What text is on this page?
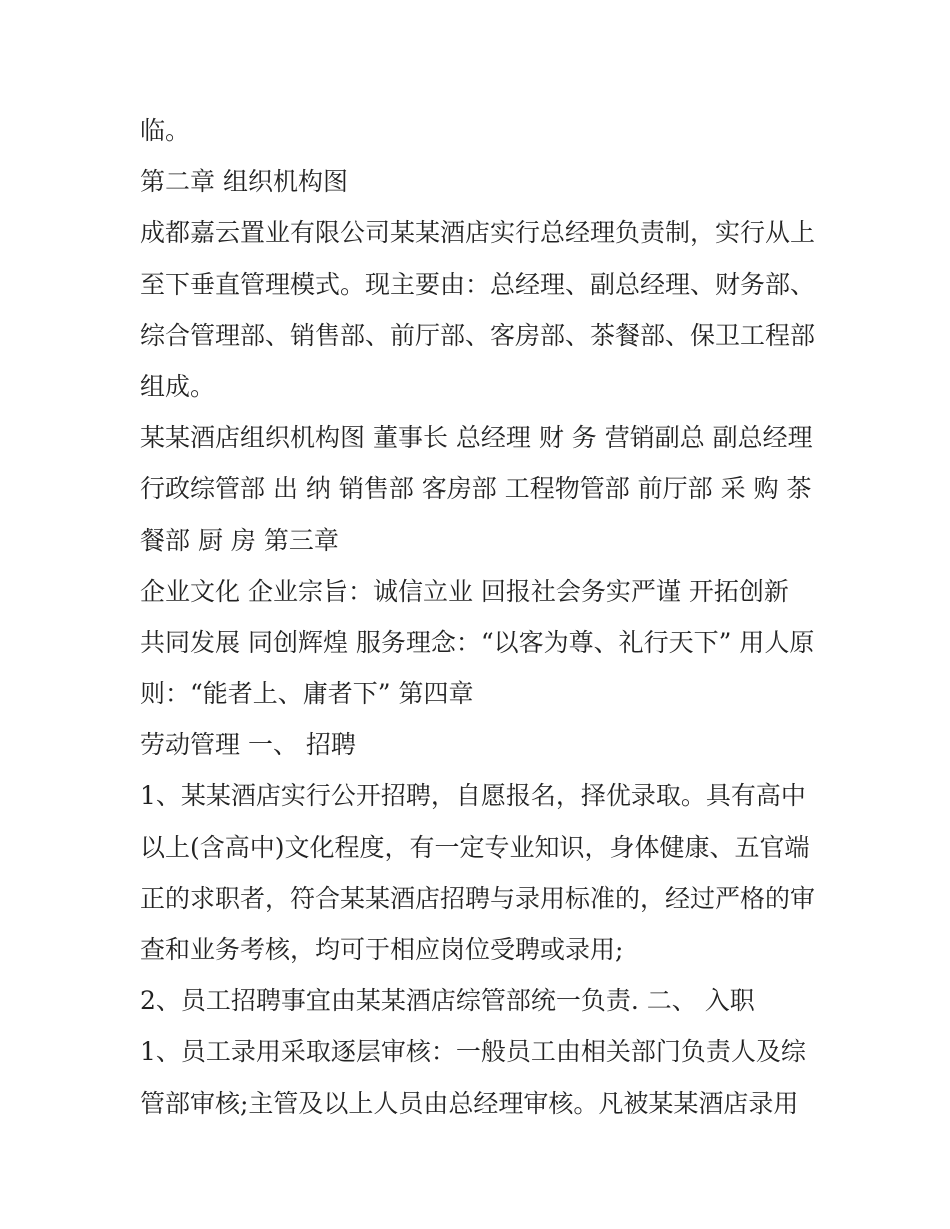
临。
第二章 组织机构图
成都嘉云置业有限公司某某酒店实行总经理负责制，实行从上
至下垂直管理模式。现主要由：总经理、副总经理、财务部、
综合管理部、销售部、前厅部、客房部、茶餐部、保卫工程部
组成。
某某酒店组织机构图 董事长 总经理 财 务 营销副总 副总经理
行政综管部 出 纳 销售部 客房部 工程物管部 前厅部 采 购 茶
餐部 厨 房 第三章
企业文化 企业宗旨：诚信立业 回报社会务实严谨 开拓创新
共同发展 同创辉煌 服务理念：“以客为尊、礼行天下” 用人原
则：“能者上、庸者下” 第四章
劳动管理 一、 招聘
1、某某酒店实行公开招聘，自愿报名，择优录取。具有高中
以上(含高中)文化程度，有一定专业知识，身体健康、五官端
正的求职者，符合某某酒店招聘与录用标准的，经过严格的审
查和业务考核，均可于相应岗位受聘或录用;
2、员工招聘事宜由某某酒店综管部统一负责. 二、 入职
1、员工录用采取逐层审核：一般员工由相关部门负责人及综
管部审核;主管及以上人员由总经理审核。凡被某某酒店录用
